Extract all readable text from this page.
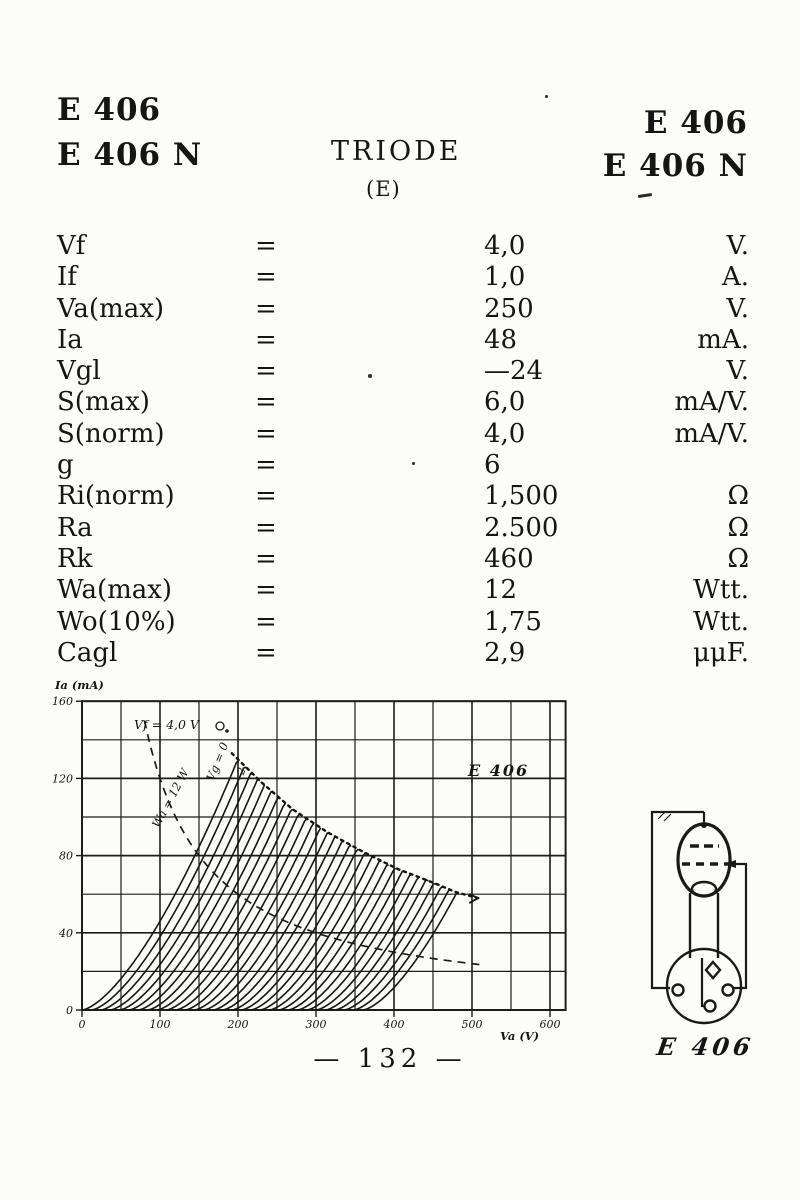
E 406
E 406 N	TRIODE
(E)
E 406
E 406 N
Vf	=	4,0	V.
If	=	1,0	A.
Va(max)	=	250	V.
Ia	=	48	mA.
Vgl	=	—24	V.
S(max)	=	6,0	mA/V.
S(norm)	=	4,0	mA/V.
g	=	6
Ri(norm)	=	1,500	Ω
Ra	=	2.500	Ω
Rk	=	460	Ω
Wa(max)	=	12	Wtt.
Wo(10%)	=	1,75	Wtt.
Cagl	=	2,9	μμF.
0	100	200	300	400	500	600
0
40
80
120
160
Ia (mA)
Va (V)
Vf = 4,0 V
Vg = 0 -2
Wa = 12 W	E 406
E 406
— 132 —
